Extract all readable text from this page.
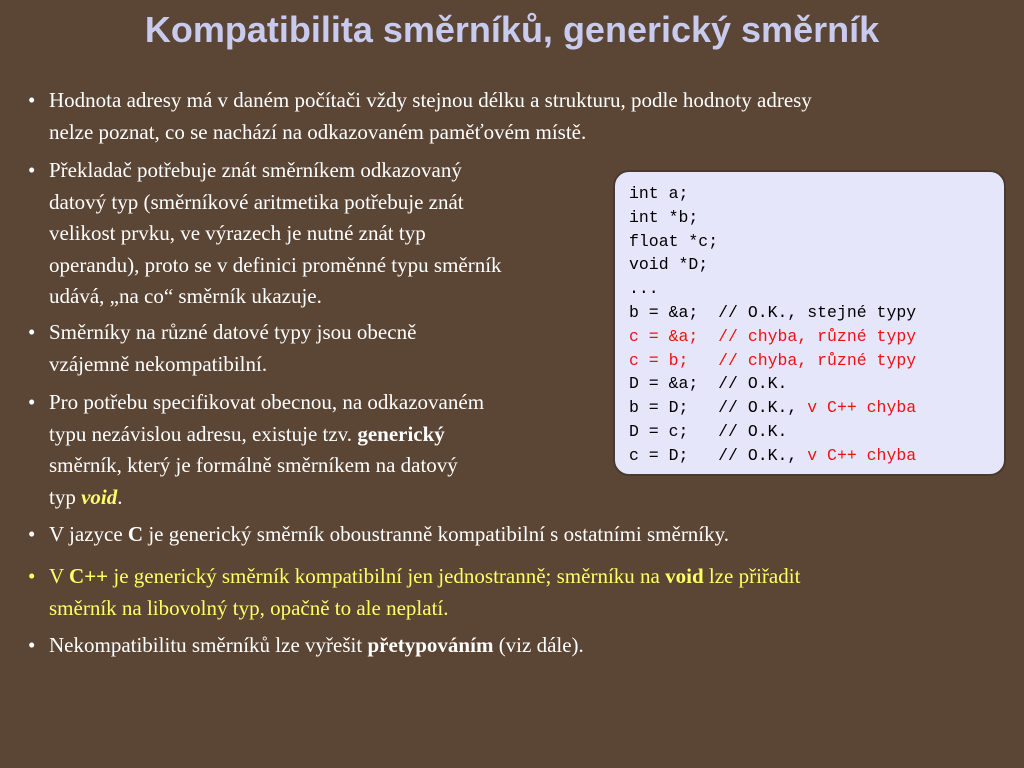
Kompatibilita směrníků, generický směrník
• Hodnota adresy má v daném počítači vždy stejnou délku a strukturu, podle hodnoty adresy
nelze poznat, co se nachází na odkazovaném paměťovém místě.
• Překladač potřebuje znát směrníkem odkazovaný
datový typ (směrníkové aritmetika potřebuje znát
velikost prvku, ve výrazech je nutné znát typ
operandu), proto se v definici proměnné typu směrník
udává, „na co“ směrník ukazuje.
• Směrníky na různé datové typy jsou obecně
vzájemně nekompatibilní.
• Pro potřebu specifikovat obecnou, na odkazovaném
typu nezávislou adresu, existuje tzv. generický
směrník, který je formálně směrníkem na datový
typ void.
• V jazyce C je generický směrník oboustranně kompatibilní s ostatními směrníky.
• V C++ je generický směrník kompatibilní jen jednostranně; směrníku na void lze přiřadit
směrník na libovolný typ, opačně to ale neplatí.
• Nekompatibilitu směrníků lze vyřešit přetypováním (viz dále).
int a;
int *b;
float *c;
void *D;
...
b = &a;  // O.K., stejné typy
c = &a;  // chyba, různé typy
c = b;   // chyba, různé typy
D = &a;  // O.K.
b = D;   // O.K., v C++ chyba
D = c;   // O.K.
c = D;   // O.K., v C++ chyba
